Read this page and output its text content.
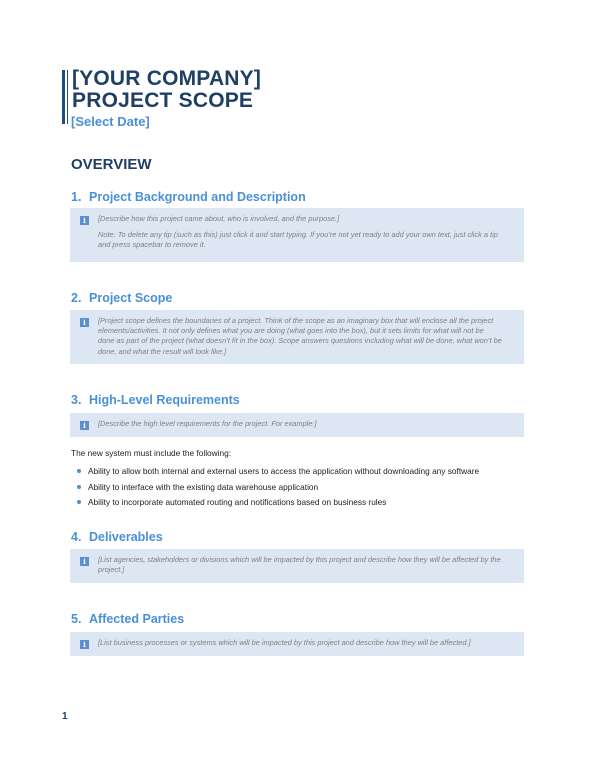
[YOUR COMPANY]
PROJECT SCOPE
[Select Date]
OVERVIEW
1. Project Background and Description
i	[Describe how this project came about, who is involved, and the purpose.]

Note: To delete any tip (such as this) just click it and start typing. If you’re not yet ready to add your own text, just click a tip and press spacebar to remove it.

2. Project Scope
i	[Project scope defines the boundaries of a project. Think of the scope as an imaginary box that will enclose all the project elements/activities. It not only defines what you are doing (what goes into the box), but it sets limits for what will not be done as part of the project (what doesn’t fit in the box). Scope answers questions including what will be done, what won’t be done, and what the result will look like.]

3. High-Level Requirements
i	[Describe the high level requirements for the project. For example:]

The new system must include the following:
Ability to allow both internal and external users to access the application without downloading any software
Ability to interface with the existing data warehouse application
Ability to incorporate automated routing and notifications based on business rules
4. Deliverables
i	[List agencies, stakeholders or divisions which will be impacted by this project and describe how they will be affected by the project.]

5. Affected Parties
i	[List business processes or systems which will be impacted by this project and describe how they will be affected.]

1
